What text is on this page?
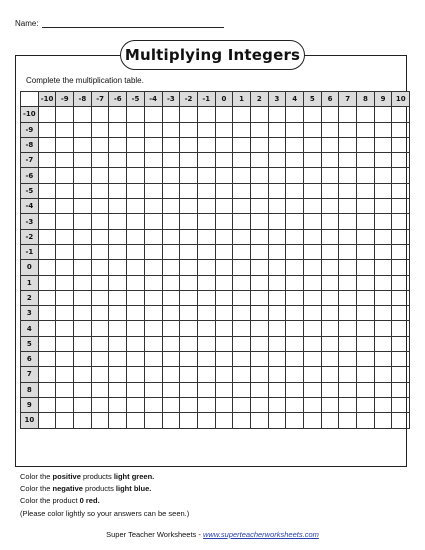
Name:
Multiplying Integers
Complete the multiplication table.
	-10	-9	-8	-7	-6	-5	-4	-3	-2	-1	0	1	2	3	4	5	6	7	8	9	10
-10																					
-9																					
-8																					
-7																					
-6																					
-5																					
-4																					
-3																					
-2																					
-1																					
0																					
1																					
2																					
3																					
4																					
5																					
6																					
7																					
8																					
9																					
10																					
Color the positive products light green.
Color the negative products light blue.
Color the product 0 red.
(Please color lightly so your answers can be seen.)
Super Teacher Worksheets - www.superteacherworksheets.com
